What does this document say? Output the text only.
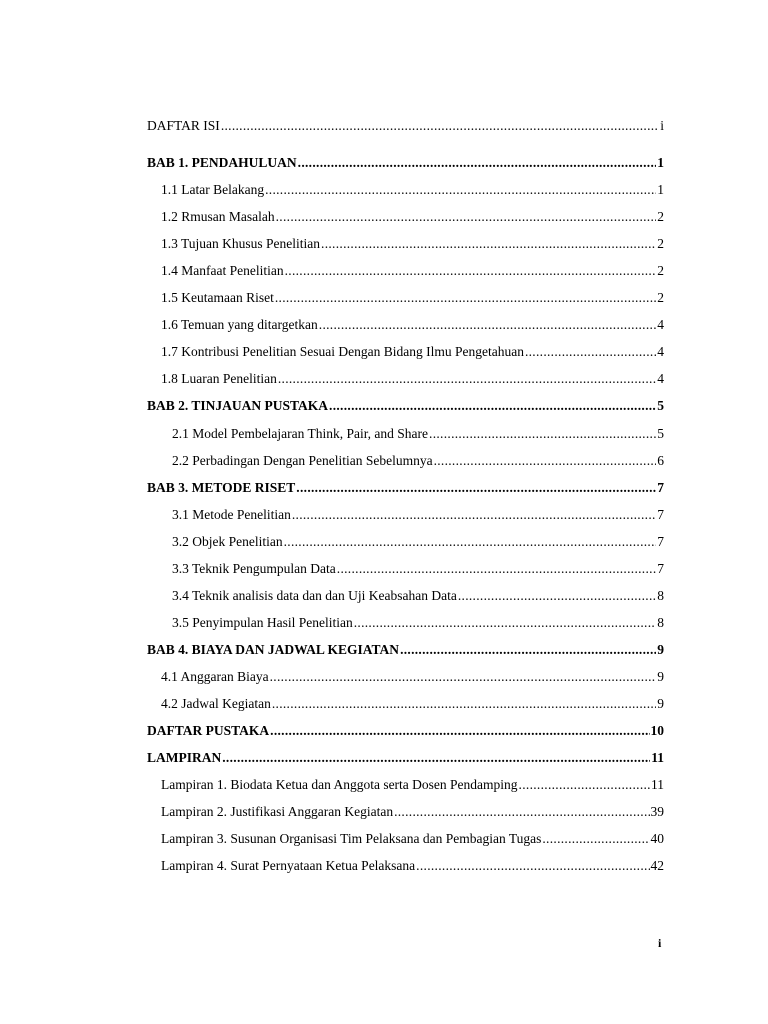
DAFTAR ISI .....	i
BAB 1. PENDAHULUAN .....	1
1.1 Latar Belakang .....	1
1.2 Rmusan Masalah .....	2
1.3 Tujuan Khusus Penelitian .....	2
1.4 Manfaat Penelitian .....	2
1.5 Keutamaan Riset .....	2
1.6 Temuan yang ditargetkan .....	4
1.7 Kontribusi Penelitian Sesuai Dengan Bidang Ilmu Pengetahuan .....	4
1.8 Luaran Penelitian .....	4
BAB 2. TINJAUAN PUSTAKA .....	5
2.1 Model Pembelajaran Think, Pair, and Share .....	5
2.2 Perbadingan Dengan Penelitian Sebelumnya .....	6
BAB 3. METODE RISET .....	7
3.1 Metode Penelitian .....	7
3.2 Objek Penelitian .....	7
3.3 Teknik Pengumpulan Data .....	7
3.4 Teknik analisis data dan dan Uji Keabsahan Data .....	8
3.5 Penyimpulan Hasil Penelitian .....	8
BAB 4. BIAYA DAN JADWAL KEGIATAN .....	9
4.1 Anggaran Biaya .....	9
4.2 Jadwal Kegiatan .....	9
DAFTAR PUSTAKA .....	10
LAMPIRAN .....	11
Lampiran 1. Biodata Ketua dan Anggota serta Dosen Pendamping .....	11
Lampiran 2. Justifikasi Anggaran Kegiatan .....	39
Lampiran 3. Susunan Organisasi Tim Pelaksana dan Pembagian Tugas .....	40
Lampiran 4. Surat Pernyataan Ketua Pelaksana .....	42
i
